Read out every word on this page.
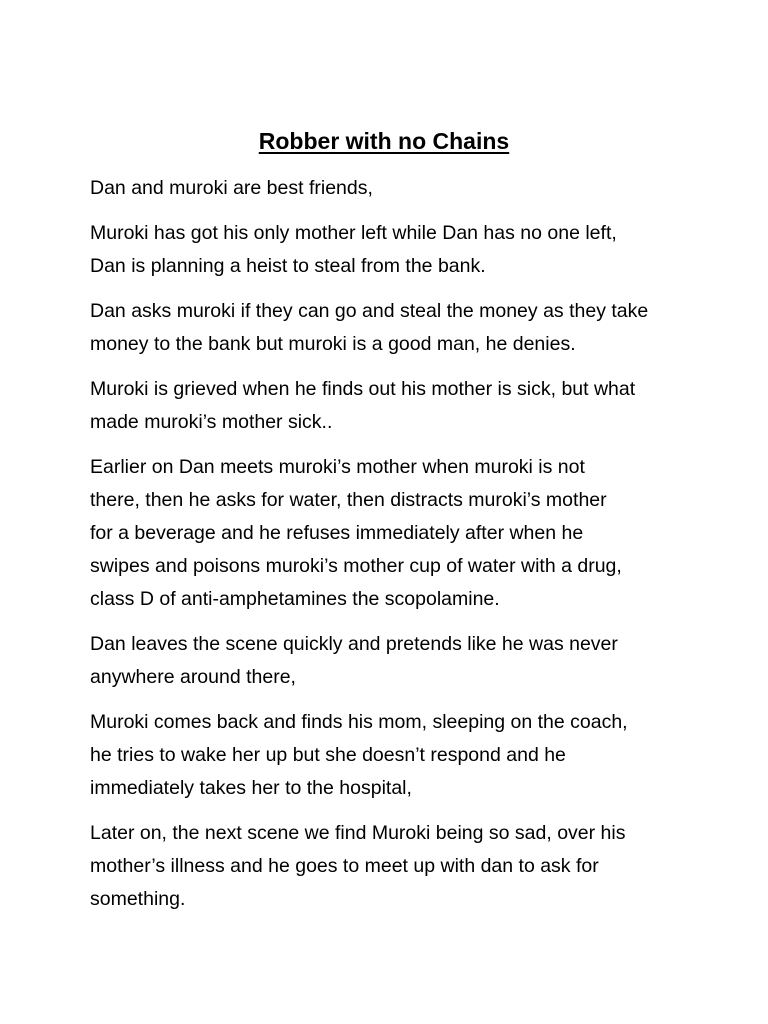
Robber with no Chains

Dan and muroki are best friends,

Muroki has got his only mother left while Dan has no one left,
Dan is planning a heist to steal from the bank.

Dan asks muroki if they can go and steal the money as they take
money to the bank but muroki is a good man, he denies.

Muroki is grieved when he finds out his mother is sick, but what
made muroki’s mother sick..

Earlier on Dan meets muroki’s mother when muroki is not
there, then he asks for water, then distracts muroki’s mother
for a beverage and he refuses immediately after when he
swipes and poisons muroki’s mother cup of water with a drug,
class D of anti-amphetamines the scopolamine.

Dan leaves the scene quickly and pretends like he was never
anywhere around there,

Muroki comes back and finds his mom, sleeping on the coach,
he tries to wake her up but she doesn’t respond and he
immediately takes her to the hospital,

Later on, the next scene we find Muroki being so sad, over his
mother’s illness and he goes to meet up with dan to ask for
something.
